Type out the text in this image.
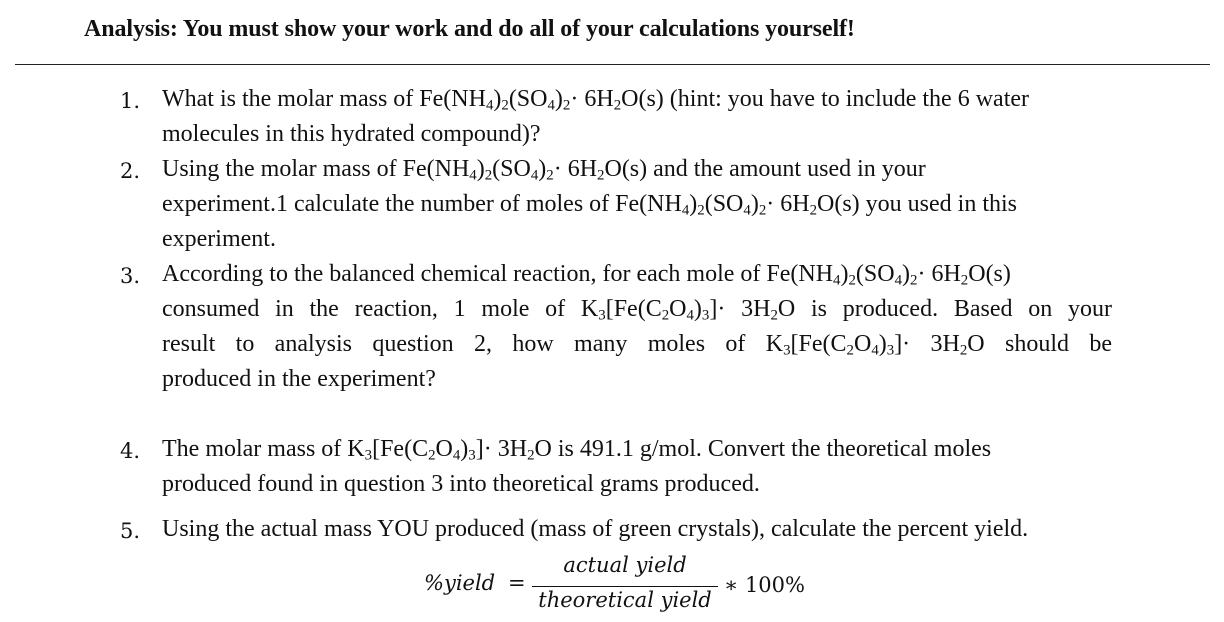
Analysis: You must show your work and do all of your calculations yourself!
1. What is the molar mass of $Fe(NH_4)_2(SO_4)_2\cdot 6H_2O(s)$ (hint: you have to include the 6 water
molecules in this hydrated compound)?
2. Using the molar mass of $Fe(NH_4)_2(SO_4)_2\cdot 6H_2O(s)$ and the amount used in your
experiment.1 calculate the number of moles of $Fe(NH_4)_2(SO_4)_2\cdot 6H_2O(s)$ you used in this
experiment.
3. According to the balanced chemical reaction, for each mole of $Fe(NH_4)_2(SO_4)_2\cdot 6H_2O(s)$
consumed in the reaction, 1 mole of $K_3[Fe(C_2O_4)_3]\cdot 3H_2O$ is produced. Based on your
result to analysis question 2, how many moles of $K_3[Fe(C_2O_4)_3]\cdot 3H_2O$ should be
produced in the experiment?
4. The molar mass of $K_3[Fe(C_2O_4)_3]\cdot 3H_2O$ is 491.1 g/mol. Convert the theoretical moles
produced found in question 3 into theoretical grams produced.
5. Using the actual mass YOU produced (mass of green crystals), calculate the percent yield.
%yield =
actual yield
theoretical yield
∗ 100%
